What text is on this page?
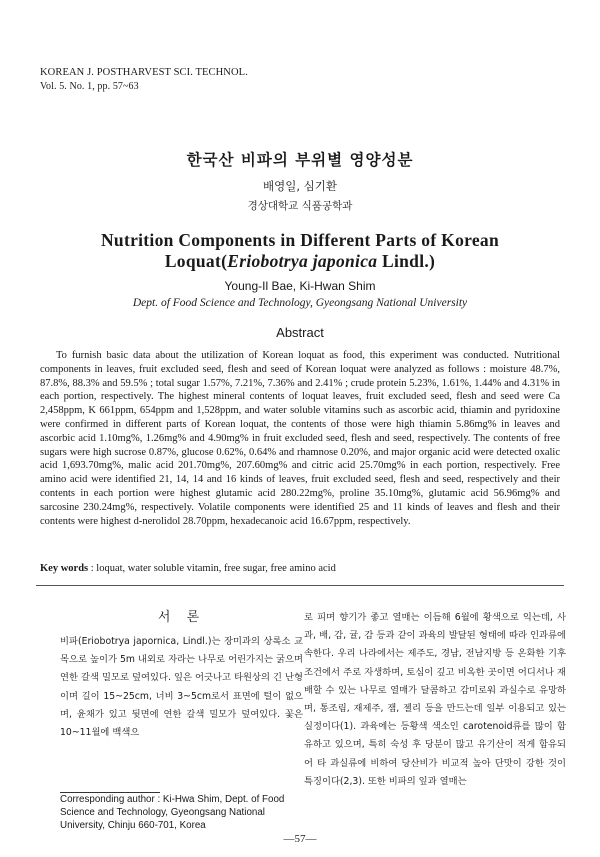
KOREAN J. POSTHARVEST SCI. TECHNOL.
Vol. 5. No. 1, pp. 57~63
한국산 비파의 부위별 영양성분
배영일, 심기환
경상대학교 식품공학과
Nutrition Components in Different Parts of Korean
Loquat(Eriobotrya japonica Lindl.)
Young-Il Bae, Ki-Hwan Shim
Dept. of Food Science and Technology, Gyeongsang National University
Abstract

To furnish basic data about the utilization of Korean loquat as food, this experiment was conducted. Nutritional components in leaves, fruit excluded seed, flesh and seed of Korean loquat were analyzed as follows : moisture 48.7%, 87.8%, 88.3% and 59.5% ; total sugar 1.57%, 7.21%, 7.36% and 2.41% ; crude protein 5.23%, 1.61%, 1.44% and 4.31% in each portion, respectively. The highest mineral contents of loquat leaves, fruit excluded seed, flesh and seed were Ca 2,458ppm, K 661ppm, 654ppm and 1,528ppm, and water soluble vitamins such as ascorbic acid, thiamin and pyridoxine were confirmed in different parts of Korean loquat, the contents of those were high thiamin 5.86mg% in leaves and ascorbic acid 1.10mg%, 1.26mg% and 4.90mg% in fruit excluded seed, flesh and seed, respectively. The contents of free sugars were high sucrose 0.87%, glucose 0.62%, 0.64% and rhamnose 0.20%, and major organic acid were detected oxalic acid 1,693.70mg%, malic acid 201.70mg%, 207.60mg% and citric acid 25.70mg% in each portion, respectively. Free amino acid were identified 21, 14, 14 and 16 kinds of leaves, fruit excluded seed, flesh and seed, respectively and their contents in each portion were highest glutamic acid 280.22mg%, proline 35.10mg%, glutamic acid 56.96mg% and sarcosine 230.24mg%, respectively. Volatile components were identified 25 and 11 kinds of leaves and flesh and their contents were highest d-nerolidol 28.70ppm, hexadecanoic acid 16.67ppm, respectively.

Key words : loquat, water soluble vitamin, free sugar, free amino acid
서 론

비파(Eriobotrya japornica, Lindl.)는 장미과의 상록소 교목으로 높이가 5m 내외로 자라는 나무로 어린가지는 굵으며 연한 갈색 밀모로 덮여있다. 잎은 어긋나고 타원상의 긴 난형이며 길이 15~25cm, 너비 3~5cm로서 표면에 털이 없으며, 윤채가 있고 뒷면에 연한 갈색 밀모가 덮여있다. 꽃은 10~11월에 백색으

로 피며 향기가 좋고 열매는 이듬해 6월에 황색으로 익는데, 사과, 배, 감, 귤, 감 등과 같이 과육의 발달된 형태에 따라 인과류에 속한다. 우리 나라에서는 제주도, 경남, 전남지방 등 온화한 기후 조건에서 주로 자생하며, 토심이 깊고 비옥한 곳이면 어디서나 재배할 수 있는 나무로 열매가 달콤하고 감미로워 과실수로 유망하며, 통조림, 재제주, 잼, 젤리 등을 만드는데 일부 이용되고 있는 실정이다(1). 과육에는 등황색 색소인 carotenoid류를 많이 함유하고 있으며, 특히 숙성 후 당분이 많고 유기산이 적게 함유되어 타 과실류에 비하여 당산비가 비교적 높아 단맛이 강한 것이 특징이다(2,3). 또한 비파의 잎과 열매는

Corresponding author : Ki-Hwa Shim, Dept. of Food Science and Technology, Gyeongsang National University, Chinju 660-701, Korea

—57—
